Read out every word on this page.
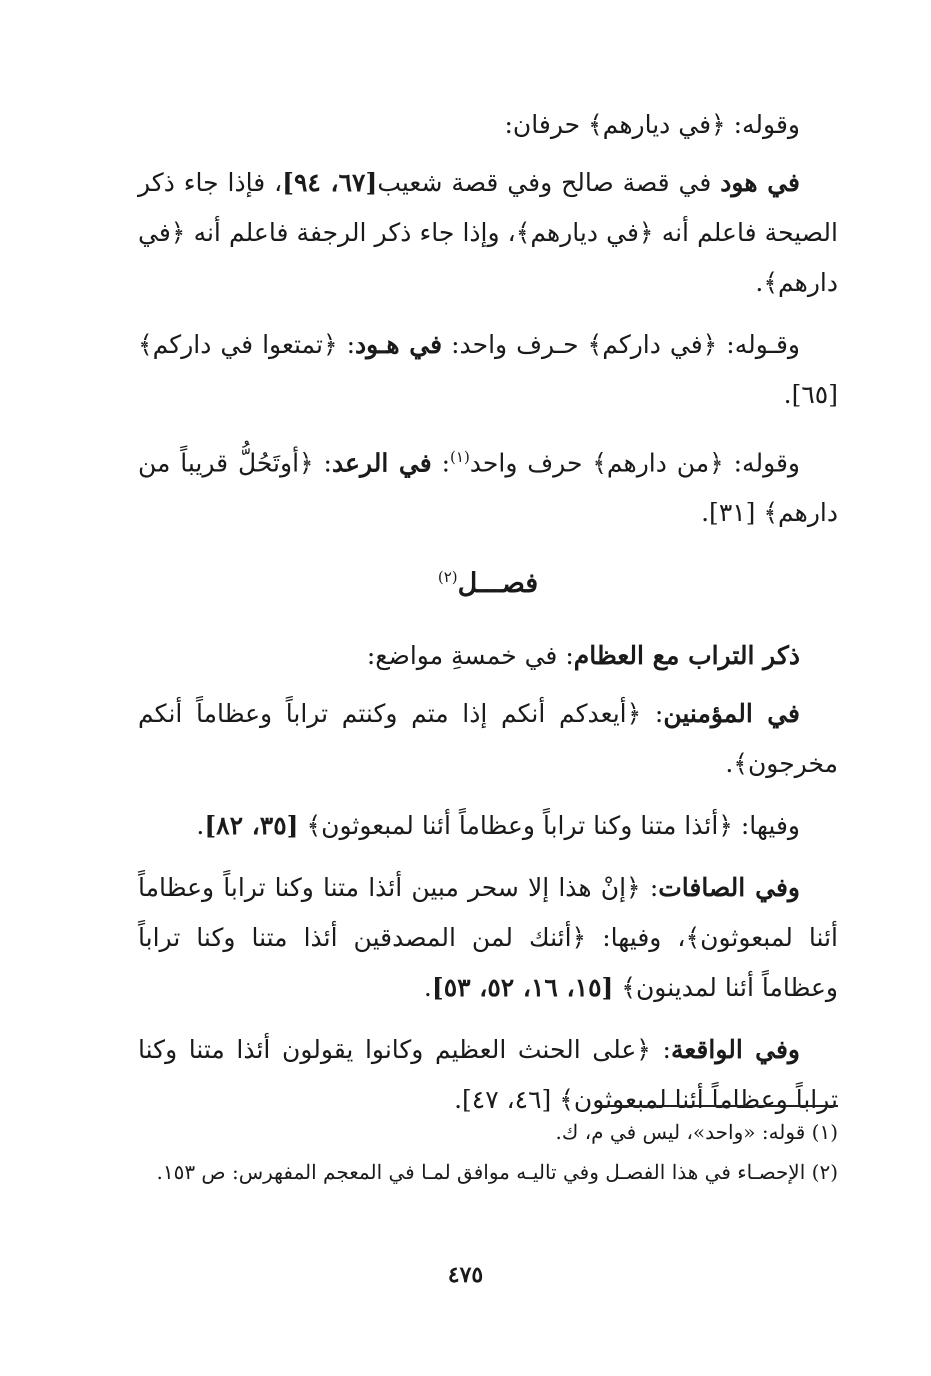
وقوله: ﴿في ديارهم﴾ حرفان:

في هود في قصة صالح وفي قصة شعيب[٦٧، ٩٤]، فإذا جاء ذكر الصيحة فاعلم أنه ﴿في ديارهم﴾، وإذا جاء ذكر الرجفة فاعلم أنه ﴿في دارهم﴾.

وقـوله: ﴿في داركم﴾ حـرف واحد: في هـود: ﴿تمتعوا في داركم﴾ [٦٥].

وقوله: ﴿من دارهم﴾ حرف واحد$^{(١)}$: في الرعد: ﴿أوتَحُلُّ قريباً من دارهم﴾ [٣١].

فصـــل$^{(٢)}$

ذكر التراب مع العظام: في خمسةِ مواضع:

في المؤمنين: ﴿أيعدكم أنكم إذا متم وكنتم تراباً وعظاماً أنكم مخرجون﴾.

وفيها: ﴿أئذا متنا وكنا تراباً وعظاماً أئنا لمبعوثون﴾ [٣٥، ٨٢].

وفي الصافات: ﴿إنْ هذا إلا سحر مبين أئذا متنا وكنا تراباً وعظاماً أئنا لمبعوثون﴾، وفيها: ﴿أئنك لمن المصدقين أئذا متنا وكنا تراباً وعظاماً أئنا لمدينون﴾ [١٥، ١٦، ٥٢، ٥٣].

وفي الواقعة: ﴿على الحنث العظيم وكانوا يقولون أئذا متنا وكنا تراباً وعظاماً أئنا لمبعوثون﴾ [٤٦، ٤٧].

(١) قوله: «واحد»، ليس في م، ك.

(٢) الإحصـاء في هذا الفصـل وفي تاليـه موافق لمـا في المعجم المفهرس: ص ١٥٣.

٤٧٥
